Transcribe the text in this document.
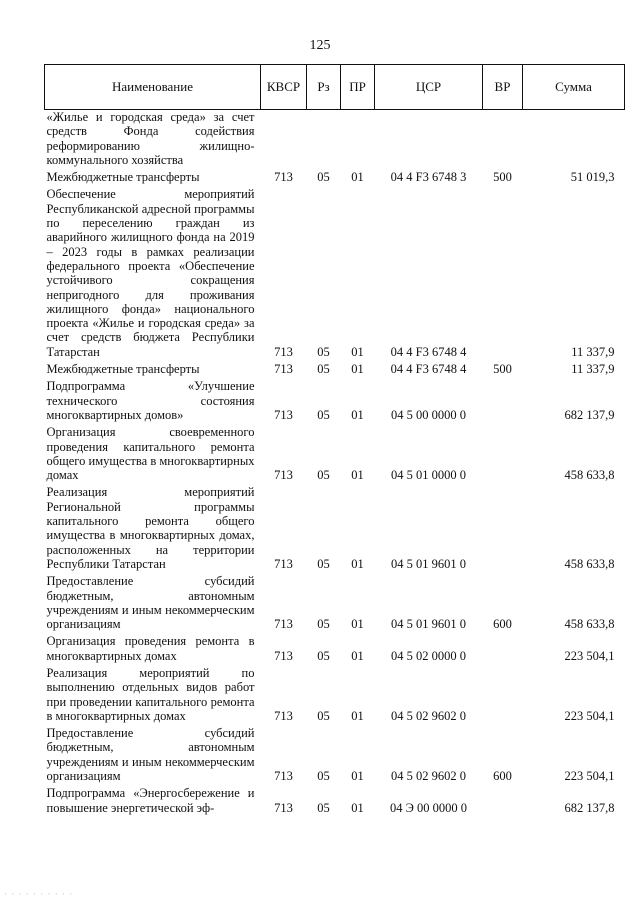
125
Наименование	КВСР	Рз	ПР	ЦСР	ВР	Сумма
«Жилье и городская среда» за счет средств Фонда содействия реформированию жилищно-коммунального хозяйства						
Межбюджетные трансферты	713	05	01	04 4 F3 6748 3	500	51 019,3
Обеспечение мероприятий Республиканской адресной программы по переселению граждан из аварийного жилищного фонда на 2019 – 2023 годы в рамках реализации федерального проекта «Обеспечение устойчивого сокращения непригодного для проживания жилищного фонда» национального проекта «Жилье и городская среда» за счет средств бюджета Республики Татарстан	713	05	01	04 4 F3 6748 4		11 337,9
Межбюджетные трансферты	713	05	01	04 4 F3 6748 4	500	11 337,9
Подпрограмма «Улучшение технического состояния многоквартирных домов»	713	05	01	04 5 00 0000 0		682 137,9
Организация своевременного проведения капитального ремонта общего имущества в многоквартирных домах	713	05	01	04 5 01 0000 0		458 633,8
Реализация мероприятий Региональной программы капитального ремонта общего имущества в многоквартирных домах, расположенных на территории Республики Татарстан	713	05	01	04 5 01 9601 0		458 633,8
Предоставление субсидий бюджетным, автономным учреждениям и иным некоммерческим организациям	713	05	01	04 5 01 9601 0	600	458 633,8
Организация проведения ремонта в многоквартирных домах	713	05	01	04 5 02 0000 0		223 504,1
Реализация мероприятий по выполнению отдельных видов работ при проведении капитального ремонта в многоквартирных домах	713	05	01	04 5 02 9602 0		223 504,1
Предоставление субсидий бюджетным, автономным учреждениям и иным некоммерческим организациям	713	05	01	04 5 02 9602 0	600	223 504,1
Подпрограмма «Энергосбережение и повышение энергетической эф-	713	05	01	04 Э 00 0000 0		682 137,8
· · · · · · · · · ·
